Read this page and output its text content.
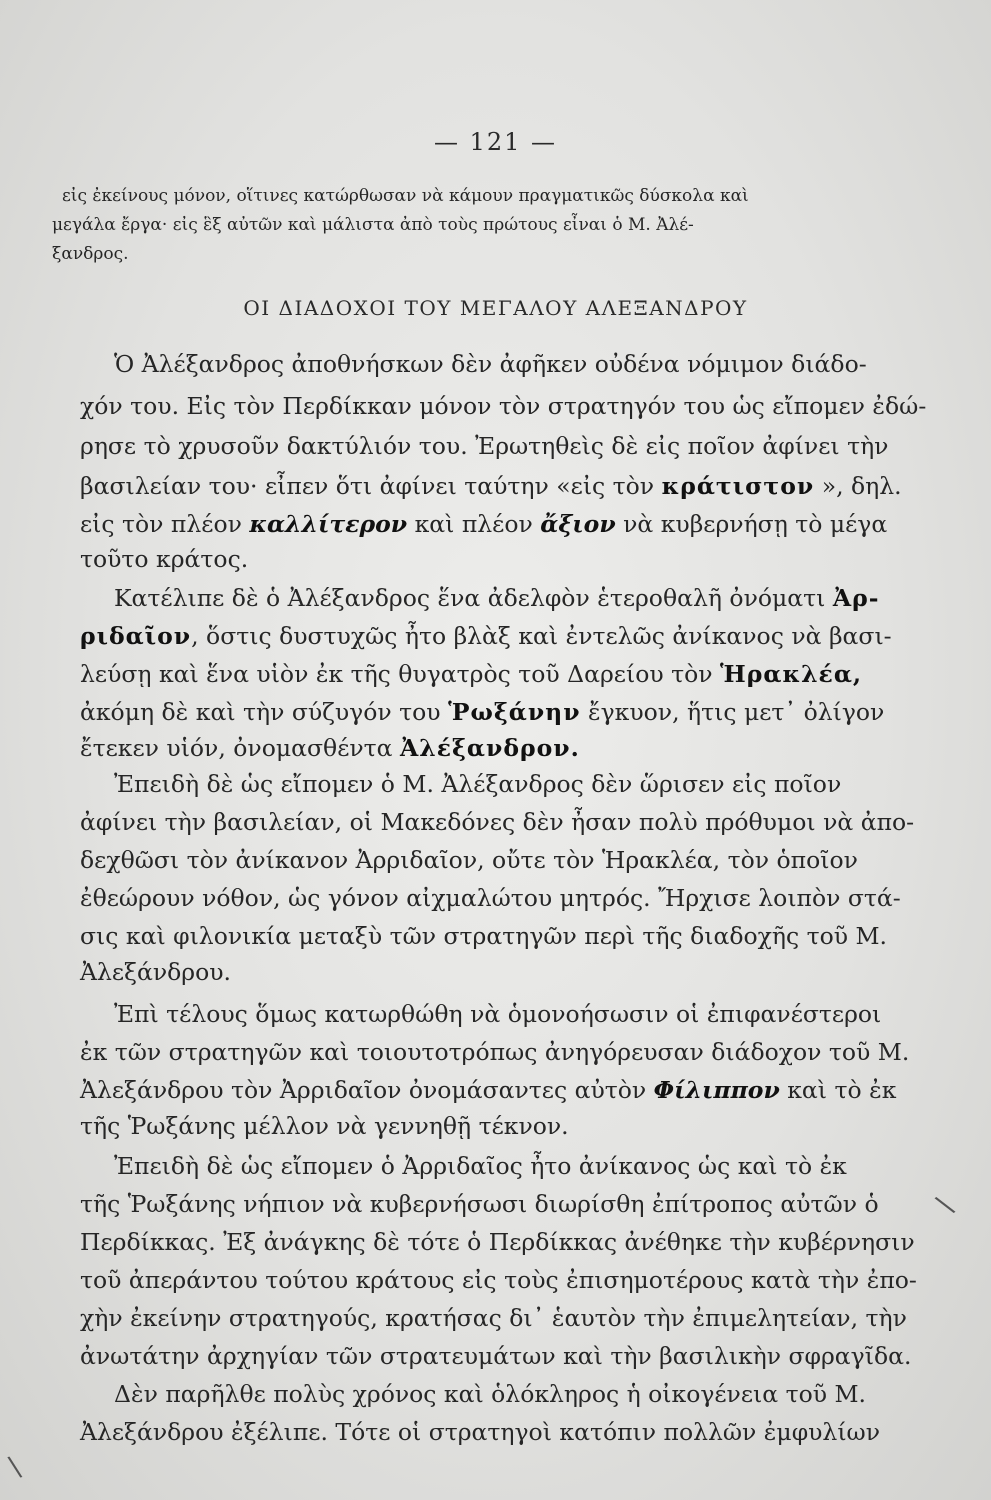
— 121 —
εἰς ἐκείνους μόνον, οἵτινες κατώρθωσαν νὰ κάμουν πραγματικῶς δύσκολα καὶ
μεγάλα ἔργα· εἰς ἓξ αὐτῶν καὶ μάλιστα ἀπὸ τοὺς πρώτους εἶναι ὁ Μ. Ἀλέ-
ξανδρος.
ΟΙ ΔΙΑΔΟΧΟΙ ΤΟΥ ΜΕΓΑΛΟΥ ΑΛΕΞΑΝΔΡΟΥ
Ὁ Ἀλέξανδρος ἀποθνήσκων δὲν ἀφῆκεν οὐδένα νόμιμον διάδο-
χόν του. Εἰς τὸν Περδίκκαν μόνον τὸν στρατηγόν του ὡς εἴπομεν ἐδώ-
ρησε τὸ χρυσοῦν δακτύλιόν του. Ἐρωτηθεὶς δὲ εἰς ποῖον ἀφίνει τὴν
βασιλείαν του· εἶπεν ὅτι ἀφίνει ταύτην «εἰς τὸν κράτιστον », δηλ.
εἰς τὸν πλέον καλλίτερον καὶ πλέον ἄξιον νὰ κυβερνήσῃ τὸ μέγα
τοῦτο κράτος.
Κατέλιπε δὲ ὁ Ἀλέξανδρος ἕνα ἀδελφὸν ἑτεροθαλῆ ὀνόματι Ἀρ-
ριδαῖον, ὅστις δυστυχῶς ἦτο βλὰξ καὶ ἐντελῶς ἀνίκανος νὰ βασι-
λεύσῃ καὶ ἕνα υἱὸν ἐκ τῆς θυγατρὸς τοῦ Δαρείου τὸν Ἡρακλέα,
ἀκόμη δὲ καὶ τὴν σύζυγόν του Ῥωξάνην ἔγκυον, ἥτις μετ᾽ ὀλίγον
ἔτεκεν υἱόν, ὀνομασθέντα Ἀλέξανδρον.
Ἐπειδὴ δὲ ὡς εἴπομεν ὁ Μ. Ἀλέξανδρος δὲν ὥρισεν εἰς ποῖον
ἀφίνει τὴν βασιλείαν, οἱ Μακεδόνες δὲν ἦσαν πολὺ πρόθυμοι νὰ ἀπο-
δεχθῶσι τὸν ἀνίκανον Ἀρριδαῖον, οὔτε τὸν Ἡρακλέα, τὸν ὁποῖον
ἐθεώρουν νόθον, ὡς γόνον αἰχμαλώτου μητρός. Ἤρχισε λοιπὸν στά-
σις καὶ φιλονικία μεταξὺ τῶν στρατηγῶν περὶ τῆς διαδοχῆς τοῦ Μ.
Ἀλεξάνδρου.
Ἐπὶ τέλους ὅμως κατωρθώθη νὰ ὁμονοήσωσιν οἱ ἐπιφανέστεροι
ἐκ τῶν στρατηγῶν καὶ τοιουτοτρόπως ἀνηγόρευσαν διάδοχον τοῦ Μ.
Ἀλεξάνδρου τὸν Ἀρριδαῖον ὀνομάσαντες αὐτὸν Φίλιππον καὶ τὸ ἐκ
τῆς Ῥωξάνης μέλλον νὰ γεννηθῇ τέκνον.
Ἐπειδὴ δὲ ὡς εἴπομεν ὁ Ἀρριδαῖος ἦτο ἀνίκανος ὡς καὶ τὸ ἐκ
τῆς Ῥωξάνης νήπιον νὰ κυβερνήσωσι διωρίσθη ἐπίτροπος αὐτῶν ὁ
Περδίκκας. Ἐξ ἀνάγκης δὲ τότε ὁ Περδίκκας ἀνέθηκε τὴν κυβέρνησιν
τοῦ ἀπεράντου τούτου κράτους εἰς τοὺς ἐπισημοτέρους κατὰ τὴν ἐπο-
χὴν ἐκείνην στρατηγούς, κρατήσας δι᾽ ἑαυτὸν τὴν ἐπιμελητείαν, τὴν
ἀνωτάτην ἀρχηγίαν τῶν στρατευμάτων καὶ τὴν βασιλικὴν σφραγῖδα.
Δὲν παρῆλθε πολὺς χρόνος καὶ ὁλόκληρος ἡ οἰκογένεια τοῦ Μ.
Ἀλεξάνδρου ἐξέλιπε. Τότε οἱ στρατηγοὶ κατόπιν πολλῶν ἐμφυλίων
\
\
